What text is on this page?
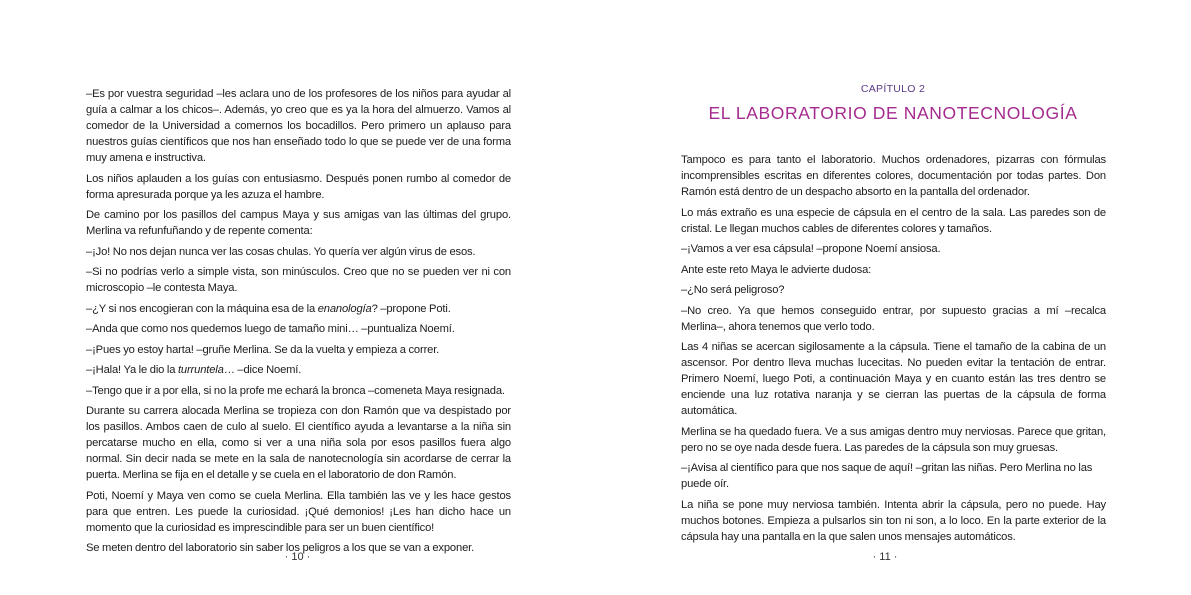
–Es por vuestra seguridad –les aclara uno de los profesores de los niños para ayudar al guía a calmar a los chicos–. Además, yo creo que es ya la hora del almuerzo. Vamos al comedor de la Universidad a comernos los bocadillos. Pero primero un aplauso para nuestros guías científicos que nos han enseñado todo lo que se puede ver de una forma muy amena e instructiva.

Los niños aplauden a los guías con entusiasmo. Después ponen rumbo al comedor de forma apresurada porque ya les azuza el hambre.

De camino por los pasillos del campus Maya y sus amigas van las últimas del grupo. Merlina va refunfuñando y de repente comenta:

–¡Jo! No nos dejan nunca ver las cosas chulas. Yo quería ver algún virus de esos.

–Si no podrías verlo a simple vista, son minúsculos. Creo que no se pueden ver ni con microscopio –le contesta Maya.

–¿Y si nos encogieran con la máquina esa de la enanología? –propone Poti.

–Anda que como nos quedemos luego de tamaño mini… –puntualiza Noemí.

–¡Pues yo estoy harta! –gruñe Merlina. Se da la vuelta y empieza a correr.

–¡Hala! Ya le dio la turruntela… –dice Noemí.

–Tengo que ir a por ella, si no la profe me echará la bronca –comeneta Maya resignada.

Durante su carrera alocada Merlina se tropieza con don Ramón que va despistado por los pasillos. Ambos caen de culo al suelo. El científico ayuda a levantarse a la niña sin percatarse mucho en ella, como si ver a una niña sola por esos pasillos fuera algo normal. Sin decir nada se mete en la sala de nanotecnología sin acordarse de cerrar la puerta. Merlina se fija en el detalle y se cuela en el laboratorio de don Ramón.

Poti, Noemí y Maya ven como se cuela Merlina. Ella también las ve y les hace gestos para que entren. Les puede la curiosidad. ¡Qué demonios! ¡Les han dicho hace un momento que la curiosidad es imprescindible para ser un buen científico!

Se meten dentro del laboratorio sin saber los peligros a los que se van a exponer.

· 10 ·
CAPÍTULO 2
EL LABORATORIO DE NANOTECNOLOGÍA

Tampoco es para tanto el laboratorio. Muchos ordenadores, pizarras con fórmulas incomprensibles escritas en diferentes colores, documentación por todas partes. Don Ramón está dentro de un despacho absorto en la pantalla del ordenador.

Lo más extraño es una especie de cápsula en el centro de la sala. Las paredes son de cristal. Le llegan muchos cables de diferentes colores y tamaños.

–¡Vamos a ver esa cápsula! –propone Noemí ansiosa.

Ante este reto Maya le advierte dudosa:

–¿No será peligroso?

–No creo. Ya que hemos conseguido entrar, por supuesto gracias a mí –recalca Merlina–, ahora tenemos que verlo todo.

Las 4 niñas se acercan sigilosamente a la cápsula. Tiene el tamaño de la cabina de un ascensor. Por dentro lleva muchas lucecitas. No pueden evitar la tentación de entrar. Primero Noemí, luego Poti, a continuación Maya y en cuanto están las tres dentro se enciende una luz rotativa naranja y se cierran las puertas de la cápsula de forma automática.

Merlina se ha quedado fuera. Ve a sus amigas dentro muy nerviosas. Parece que gritan, pero no se oye nada desde fuera. Las paredes de la cápsula son muy gruesas.

–¡Avisa al científico para que nos saque de aquí! –gritan las niñas. Pero Merlina no las puede oír.

La niña se pone muy nerviosa también. Intenta abrir la cápsula, pero no puede. Hay muchos botones. Empieza a pulsarlos sin ton ni son, a lo loco. En la parte exterior de la cápsula hay una pantalla en la que salen unos mensajes automáticos.

· 11 ·
